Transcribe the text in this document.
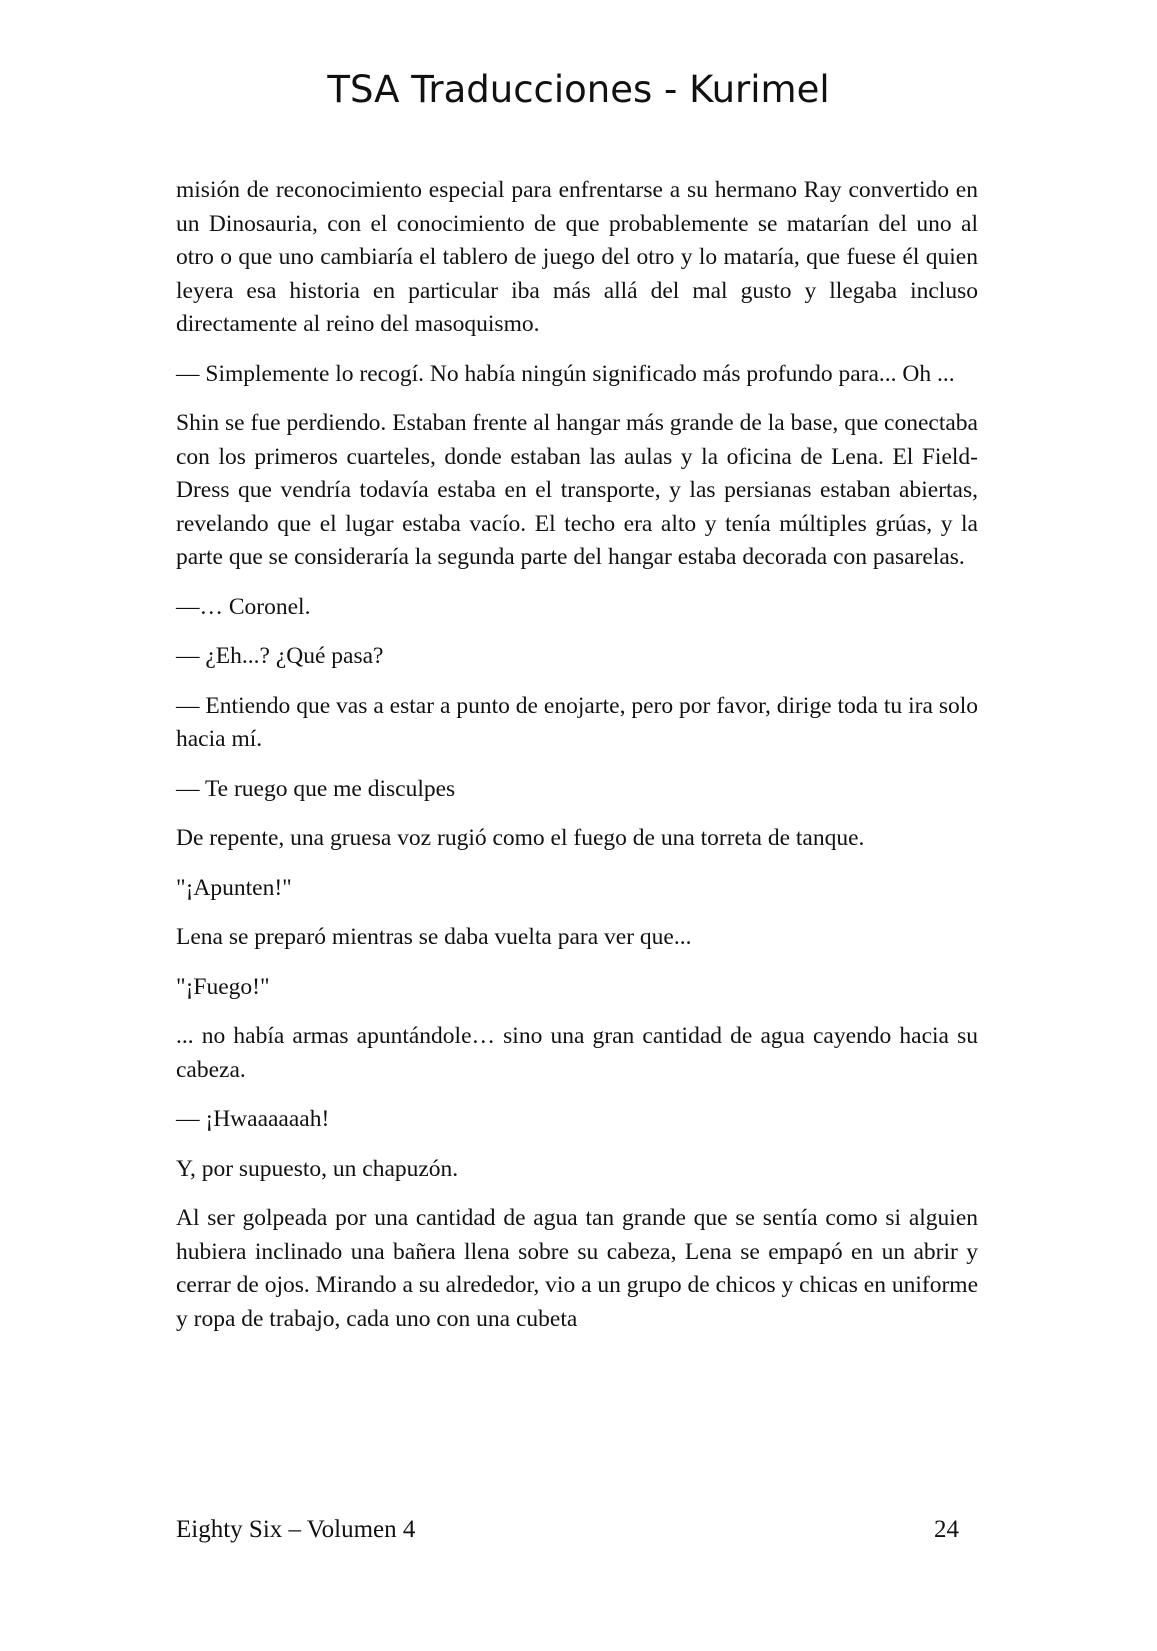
TSA Traducciones - Kurimel

misión de reconocimiento especial para enfrentarse a su hermano Ray convertido en un Dinosauria, con el conocimiento de que probablemente se matarían del uno al otro o que uno cambiaría el tablero de juego del otro y lo mataría, que fuese él quien leyera esa historia en particular iba más allá del mal gusto y llegaba incluso directamente al reino del masoquismo.

— Simplemente lo recogí. No había ningún significado más profundo para... Oh ...

Shin se fue perdiendo. Estaban frente al hangar más grande de la base, que conectaba con los primeros cuarteles, donde estaban las aulas y la oficina de Lena. El Field-Dress que vendría todavía estaba en el transporte, y las persianas estaban abiertas, revelando que el lugar estaba vacío. El techo era alto y tenía múltiples grúas, y la parte que se consideraría la segunda parte del hangar estaba decorada con pasarelas.

—… Coronel.

— ¿Eh...? ¿Qué pasa?

— Entiendo que vas a estar a punto de enojarte, pero por favor, dirige toda tu ira solo hacia mí.

— Te ruego que me disculpes

De repente, una gruesa voz rugió como el fuego de una torreta de tanque.

"¡Apunten!"

Lena se preparó mientras se daba vuelta para ver que...

"¡Fuego!"

... no había armas apuntándole… sino una gran cantidad de agua cayendo hacia su cabeza.

— ¡Hwaaaaaah!

Y, por supuesto, un chapuzón.

Al ser golpeada por una cantidad de agua tan grande que se sentía como si alguien hubiera inclinado una bañera llena sobre su cabeza, Lena se empapó en un abrir y cerrar de ojos. Mirando a su alrededor, vio a un grupo de chicos y chicas en uniforme y ropa de trabajo, cada uno con una cubeta

Eighty Six – Volumen 4	24
